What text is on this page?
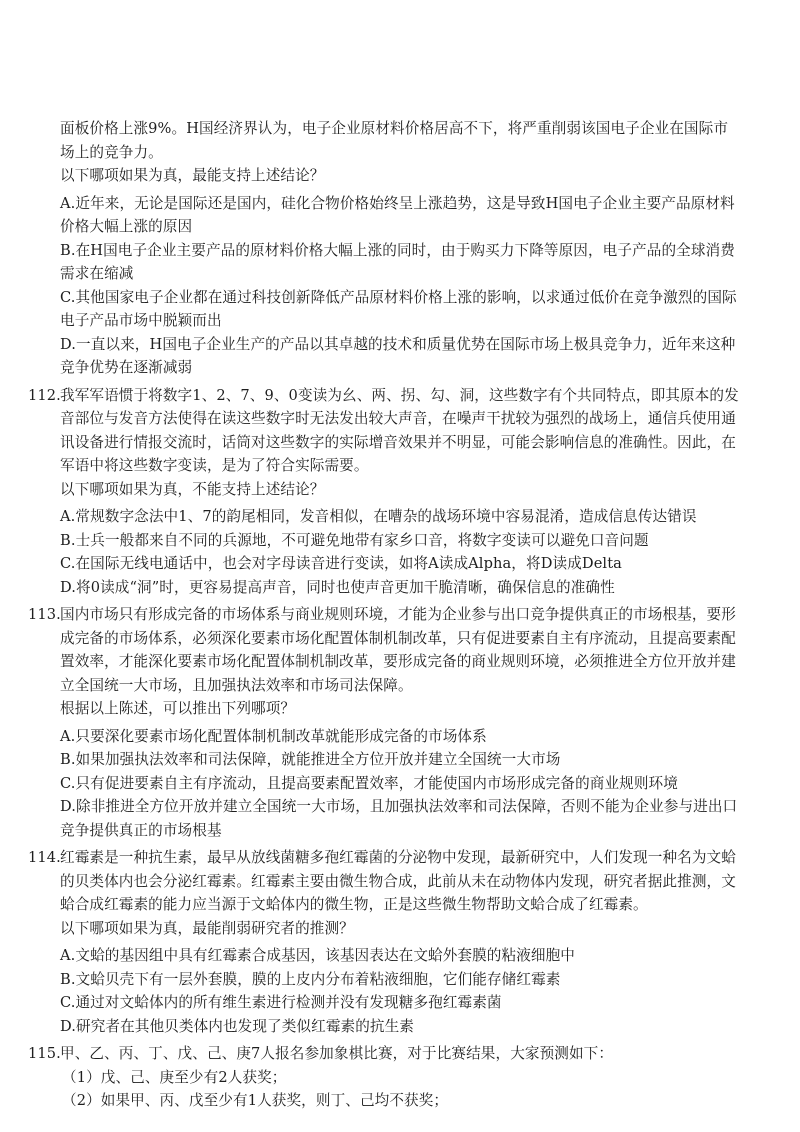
面板价格上涨9%。H国经济界认为，电子企业原材料价格居高不下，将严重削弱该国电子企业在国际市场上的竞争力。
以下哪项如果为真，最能支持上述结论？

A.近年来，无论是国际还是国内，硅化合物价格始终呈上涨趋势，这是导致H国电子企业主要产品原材料价格大幅上涨的原因

B.在H国电子企业主要产品的原材料价格大幅上涨的同时，由于购买力下降等原因，电子产品的全球消费需求在缩减

C.其他国家电子企业都在通过科技创新降低产品原材料价格上涨的影响，以求通过低价在竞争激烈的国际电子产品市场中脱颖而出

D.一直以来，H国电子企业生产的产品以其卓越的技术和质量优势在国际市场上极具竞争力，近年来这种竞争优势在逐渐减弱

112.我军军语惯于将数字1、2、7、9、0变读为幺、两、拐、勾、洞，这些数字有个共同特点，即其原本的发音部位与发音方法使得在读这些数字时无法发出较大声音，在噪声干扰较为强烈的战场上，通信兵使用通讯设备进行情报交流时，话筒对这些数字的实际增音效果并不明显，可能会影响信息的准确性。因此，在军语中将这些数字变读，是为了符合实际需要。

以下哪项如果为真，不能支持上述结论？

A.常规数字念法中1、7的韵尾相同，发音相似，在嘈杂的战场环境中容易混淆，造成信息传达错误

B.士兵一般都来自不同的兵源地，不可避免地带有家乡口音，将数字变读可以避免口音问题

C.在国际无线电通话中，也会对字母读音进行变读，如将A读成Alpha，将D读成Delta

D.将0读成“洞”时，更容易提高声音，同时也使声音更加干脆清晰，确保信息的准确性

113.国内市场只有形成完备的市场体系与商业规则环境，才能为企业参与出口竞争提供真正的市场根基，要形成完备的市场体系，必须深化要素市场化配置体制机制改革，只有促进要素自主有序流动，且提高要素配置效率，才能深化要素市场化配置体制机制改革，要形成完备的商业规则环境，必须推进全方位开放并建立全国统一大市场，且加强执法效率和市场司法保障。

根据以上陈述，可以推出下列哪项？

A.只要深化要素市场化配置体制机制改革就能形成完备的市场体系

B.如果加强执法效率和司法保障，就能推进全方位开放并建立全国统一大市场

C.只有促进要素自主有序流动，且提高要素配置效率，才能使国内市场形成完备的商业规则环境

D.除非推进全方位开放并建立全国统一大市场，且加强执法效率和司法保障，否则不能为企业参与进出口竞争提供真正的市场根基

114.红霉素是一种抗生素，最早从放线菌糖多孢红霉菌的分泌物中发现，最新研究中，人们发现一种名为文蛤的贝类体内也会分泌红霉素。红霉素主要由微生物合成，此前从未在动物体内发现，研究者据此推测，文蛤合成红霉素的能力应当源于文蛤体内的微生物，正是这些微生物帮助文蛤合成了红霉素。

以下哪项如果为真，最能削弱研究者的推测？

A.文蛤的基因组中具有红霉素合成基因，该基因表达在文蛤外套膜的粘液细胞中

B.文蛤贝壳下有一层外套膜，膜的上皮内分布着粘液细胞，它们能存储红霉素

C.通过对文蛤体内的所有维生素进行检测并没有发现糖多孢红霉素菌

D.研究者在其他贝类体内也发现了类似红霉素的抗生素

115.甲、乙、丙、丁、戊、己、庚7人报名参加象棋比赛，对于比赛结果，大家预测如下：

（1）戊、己、庚至少有2人获奖；
（2）如果甲、丙、戊至少有1人获奖，则丁、己均不获奖；
